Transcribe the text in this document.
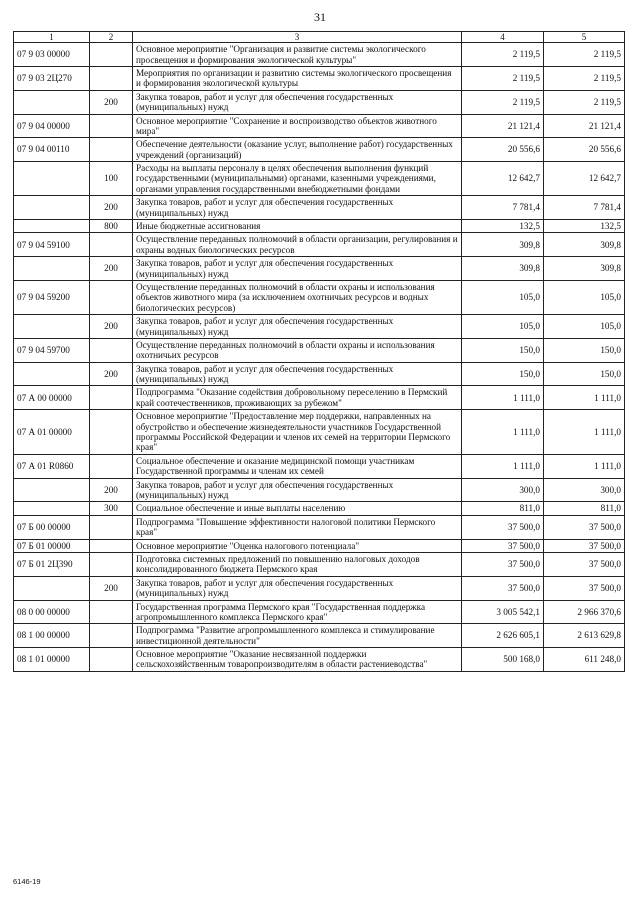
31
1	2	3	4	5
07 9 03 00000		Основное мероприятие "Организация и развитие системы экологического просвещения и формирования экологической культуры"	2 119,5	2 119,5
07 9 03 2Ц270		Мероприятия по организации и развитию системы экологического просвещения и формирования экологической культуры	2 119,5	2 119,5
	200	Закупка товаров, работ и услуг для обеспечения государственных (муниципальных) нужд	2 119,5	2 119,5
07 9 04 00000		Основное мероприятие "Сохранение и воспроизводство объектов животного мира"	21 121,4	21 121,4
07 9 04 00110		Обеспечение деятельности (оказание услуг, выполнение работ) государственных учреждений (организаций)	20 556,6	20 556,6
	100	Расходы на выплаты персоналу в целях обеспечения выполнения функций государственными (муниципальными) органами, казенными учреждениями, органами управления государственными внебюджетными фондами	12 642,7	12 642,7
	200	Закупка товаров, работ и услуг для обеспечения государственных (муниципальных) нужд	7 781,4	7 781,4
	800	Иные бюджетные ассигнования	132,5	132,5
07 9 04 59100		Осуществление переданных полномочий в области организации, регулирования и охраны водных биологических ресурсов	309,8	309,8
	200	Закупка товаров, работ и услуг для обеспечения государственных (муниципальных) нужд	309,8	309,8
07 9 04 59200		Осуществление переданных полномочий в области охраны и использования объектов животного мира (за исключением охотничьих ресурсов и водных биологических ресурсов)	105,0	105,0
	200	Закупка товаров, работ и услуг для обеспечения государственных (муниципальных) нужд	105,0	105,0
07 9 04 59700		Осуществление переданных полномочий в области охраны и использования охотничьих ресурсов	150,0	150,0
	200	Закупка товаров, работ и услуг для обеспечения государственных (муниципальных) нужд	150,0	150,0
07 А 00 00000		Подпрограмма "Оказание содействия добровольному переселению в Пермский край соотечественников, проживающих за рубежом"	1 111,0	1 111,0
07 А 01 00000		Основное мероприятие "Предоставление мер поддержки, направленных на обустройство и обеспечение жизнедеятельности участников Государственной программы Российской Федерации и членов их семей на территории Пермского края"	1 111,0	1 111,0
07 А 01 R0860		Социальное обеспечение и оказание медицинской помощи участникам Государственной программы и членам их семей	1 111,0	1 111,0
	200	Закупка товаров, работ и услуг для обеспечения государственных (муниципальных) нужд	300,0	300,0
	300	Социальное обеспечение и иные выплаты населению	811,0	811,0
07 Б 00 00000		Подпрограмма "Повышение эффективности налоговой политики Пермского края"	37 500,0	37 500,0
07 Б 01 00000		Основное мероприятие "Оценка налогового потенциала"	37 500,0	37 500,0
07 Б 01 2Ц390		Подготовка системных предложений по повышению налоговых доходов консолидированного бюджета Пермского края	37 500,0	37 500,0
	200	Закупка товаров, работ и услуг для обеспечения государственных (муниципальных) нужд	37 500,0	37 500,0
08 0 00 00000		Государственная программа Пермского края "Государственная поддержка агропромышленного комплекса Пермского края"	3 005 542,1	2 966 370,6
08 1 00 00000		Подпрограмма "Развитие агропромышленного комплекса и стимулирование инвестиционной деятельности"	2 626 605,1	2 613 629,8
08 1 01 00000		Основное мероприятие "Оказание несвязанной поддержки сельскохозяйственным товаропроизводителям в области растениеводства"	500 168,0	611 248,0
6146-19
